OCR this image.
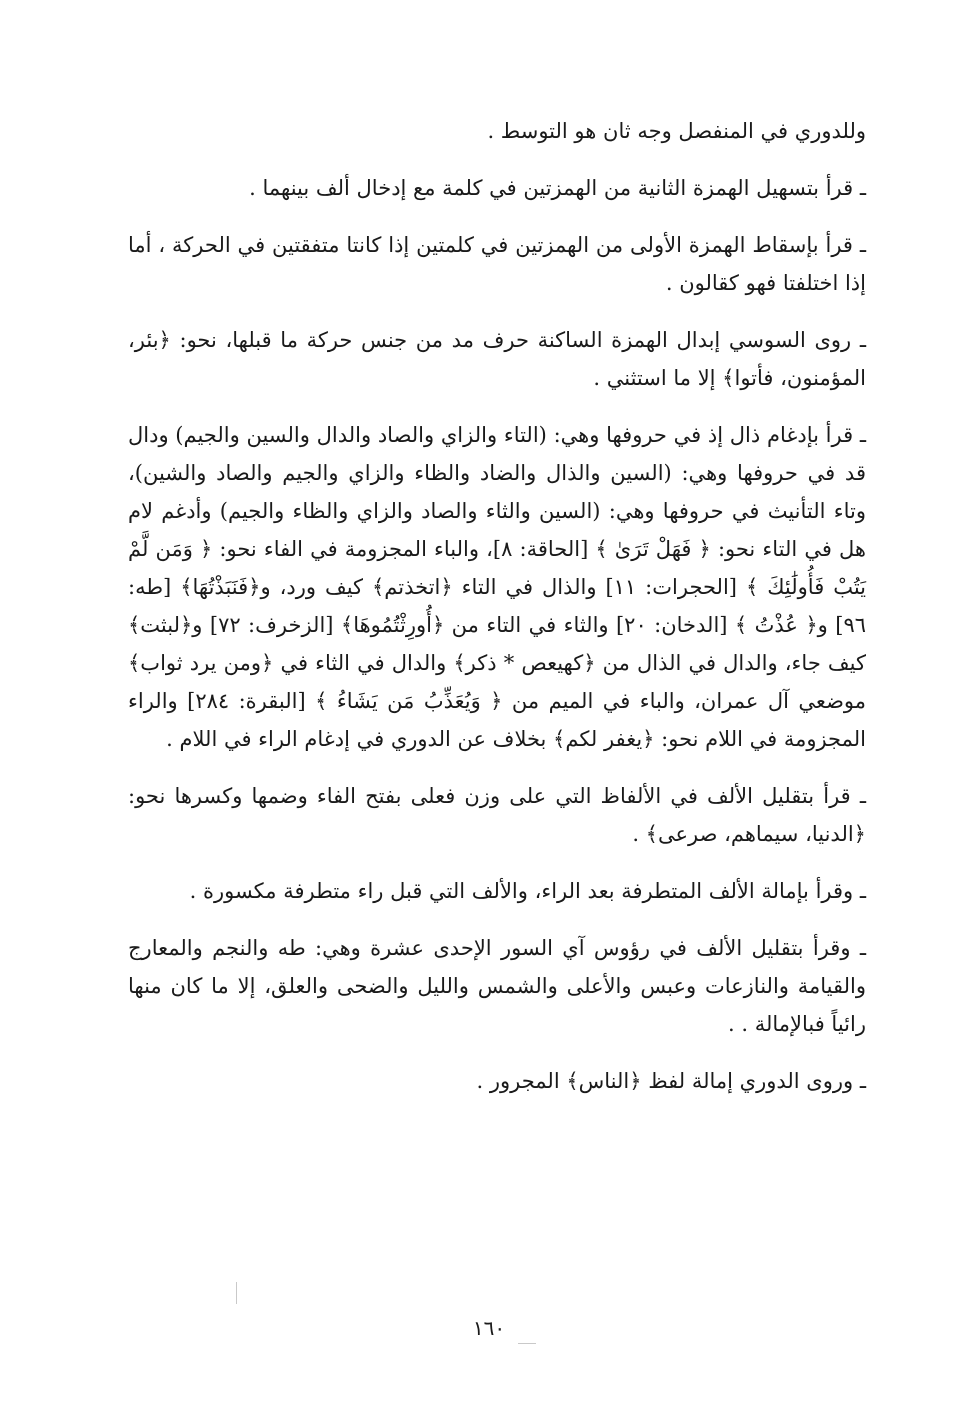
وللدوري في المنفصل وجه ثان هو التوسط .

ـ قرأ بتسهيل الهمزة الثانية من الهمزتين في كلمة مع إدخال ألف بينهما .

ـ قرأ بإسقاط الهمزة الأولى من الهمزتين في كلمتين إذا كانتا متفقتين في الحركة ، أما إذا اختلفتا فهو كقالون .

ـ روى السوسي إبدال الهمزة الساكنة حرف مد من جنس حركة ما قبلها، نحو: ﴿بئر، المؤمنون، فأتوا﴾ إلا ما استثني .

ـ قرأ بإدغام ذال إذ في حروفها وهي: (التاء والزاي والصاد والدال والسين والجيم) ودال قد في حروفها وهي: (السين والذال والضاد والظاء والزاي والجيم والصاد والشين)، وتاء التأنيث في حروفها وهي: (السين والثاء والصاد والزاي والظاء والجيم) وأدغم لام هل في التاء نحو: ﴿ فَهَلْ تَرَىٰ ﴾ [الحاقة: ٨]، والباء المجزومة في الفاء نحو: ﴿ وَمَن لَّمْ يَتُبْ فَأُولَٰئِكَ ﴾ [الحجرات: ١١] والذال في التاء ﴿اتخذتم﴾ كيف ورد، و﴿فَنَبَذْتُهَا﴾ [طه: ٩٦] و﴿ عُذْتُ ﴾ [الدخان: ٢٠] والثاء في التاء من ﴿أُورِثْتُمُوهَا﴾ [الزخرف: ٧٢] و﴿لبثت﴾ كيف جاء، والدال في الذال من ﴿كهيعص * ذكر﴾ والدال في الثاء في ﴿ومن يرد ثواب﴾ موضعي آل عمران، والباء في الميم من ﴿ وَيُعَذِّبُ مَن يَشَاءُ ﴾ [البقرة: ٢٨٤] والراء المجزومة في اللام نحو: ﴿يغفر لكم﴾ بخلاف عن الدوري في إدغام الراء في اللام .

ـ قرأ بتقليل الألف في الألفاظ التي على وزن فعلى بفتح الفاء وضمها وكسرها نحو: ﴿الدنيا، سيماهم، صرعى﴾ .

ـ وقرأ بإمالة الألف المتطرفة بعد الراء، والألف التي قبل راء متطرفة مكسورة .

ـ وقرأ بتقليل الألف في رؤوس آي السور الإحدى عشرة وهي: طه والنجم والمعارج والقيامة والنازعات وعبس والأعلى والشمس والليل والضحى والعلق، إلا ما كان منها رائياً فبالإمالة . .

ـ وروى الدوري إمالة لفظ ﴿الناس﴾ المجرور .

١٦٠
